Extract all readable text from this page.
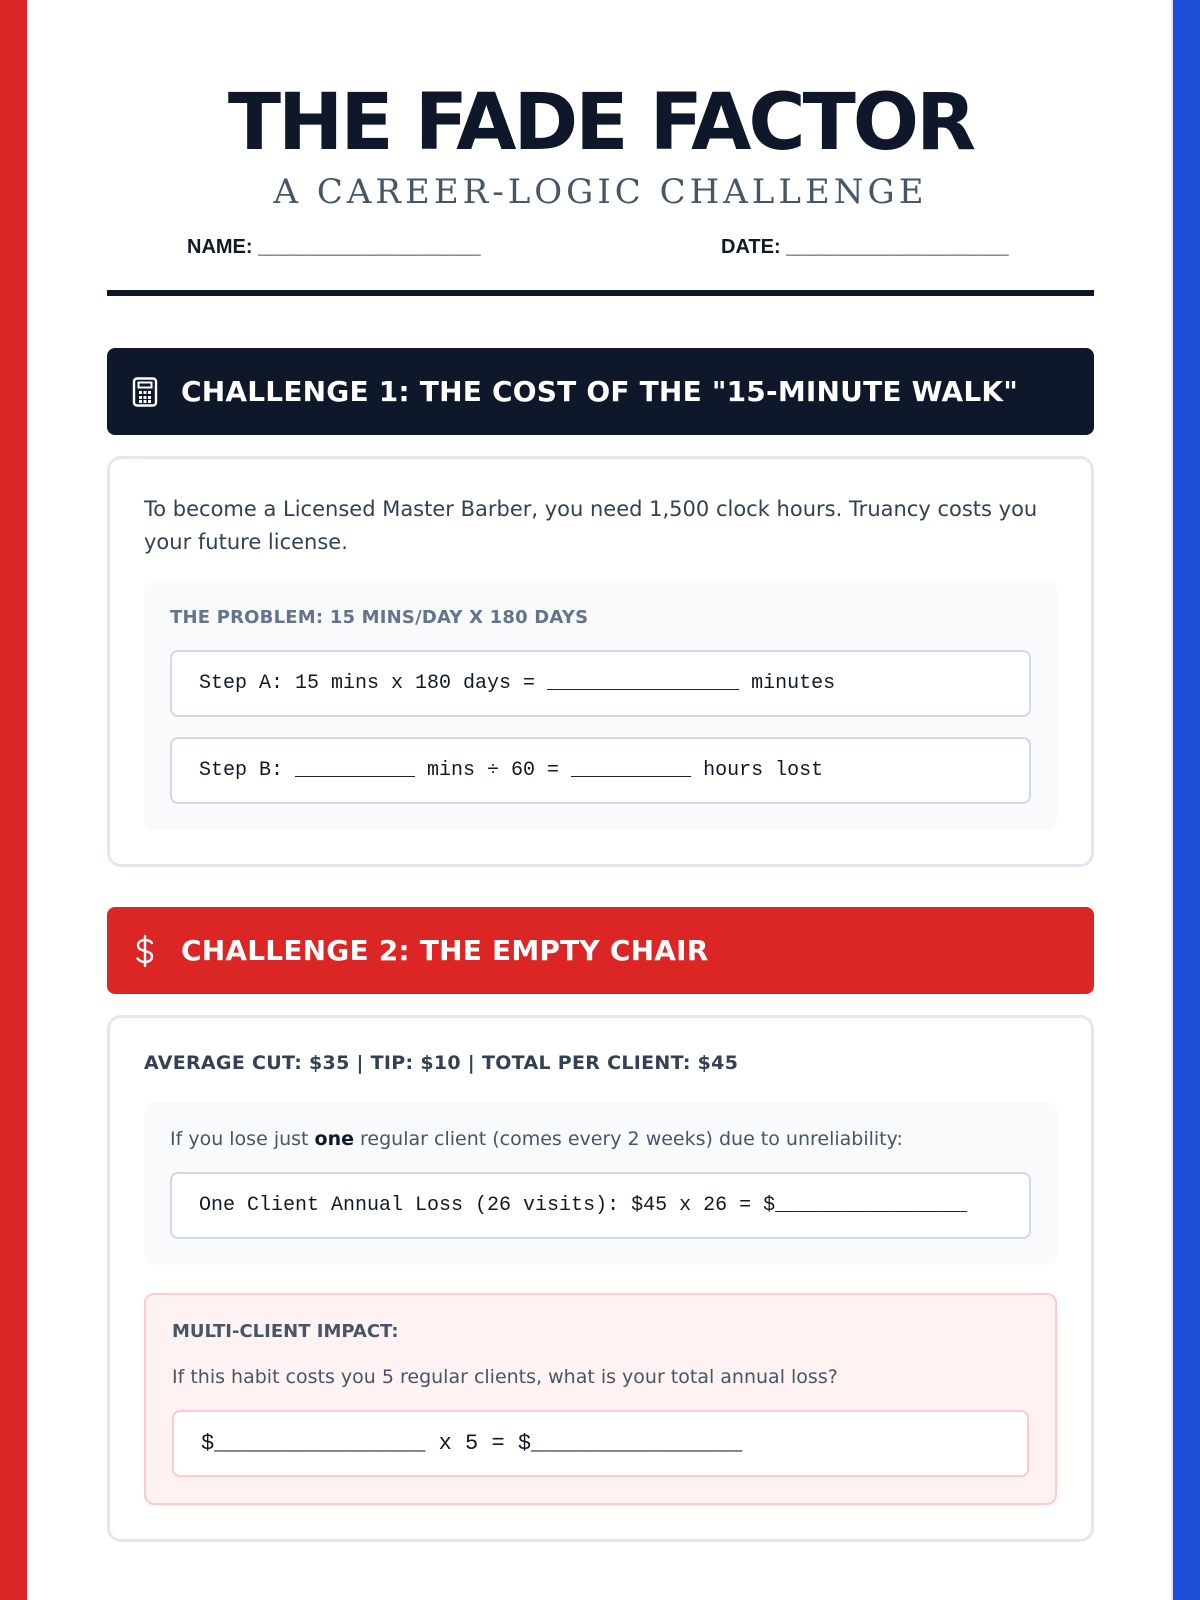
THE FADE FACTOR
A CAREER-LOGIC CHALLENGE
NAME: ____________________	DATE: ____________________
CHALLENGE 1: THE COST OF THE "15-MINUTE WALK"

To become a Licensed Master Barber, you need 1,500 clock hours. Truancy costs you your future license.

THE PROBLEM: 15 MINS/DAY X 180 DAYS
Step A: 15 mins x 180 days = ________________ minutes
Step B: __________ mins ÷ 60 = __________ hours lost
CHALLENGE 2: THE EMPTY CHAIR
AVERAGE CUT: $35 | TIP: $10 | TOTAL PER CLIENT: $45

If you lose just one regular client (comes every 2 weeks) due to unreliability:

One Client Annual Loss (26 visits): $45 x 26 = $________________
MULTI-CLIENT IMPACT:

If this habit costs you 5 regular clients, what is your total annual loss?

$________________ x 5 = $________________
